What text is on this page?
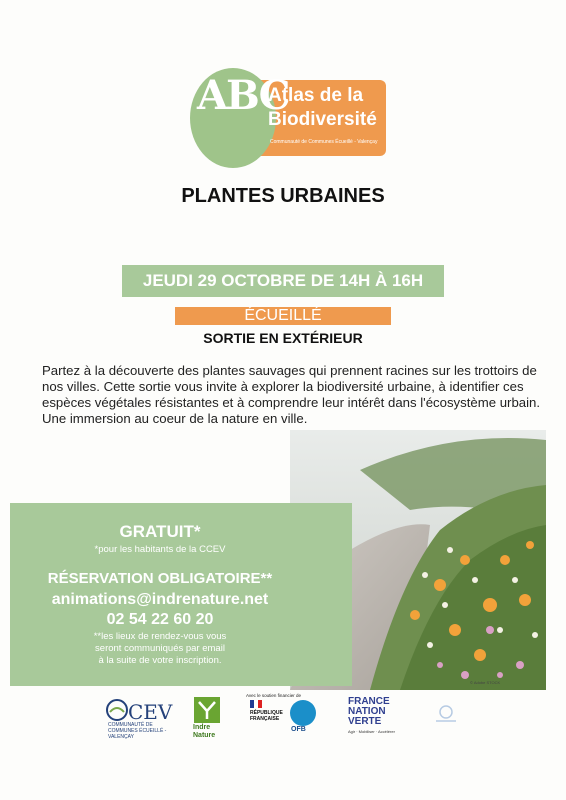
ABC
Atlas de la
Biodiversité
Communauté de Communes Écueillé - Valençay
PLANTES URBAINES
JEUDI 29 OCTOBRE DE 14H À 16H
ÉCUEILLÉ
SORTIE EN EXTÉRIEUR
Partez à la découverte des plantes sauvages qui prennent racines sur les trottoirs de nos villes. Cette sortie vous invite à explorer la biodiversité urbaine, à identifier ces espèces végétales résistantes et à comprendre leur intérêt dans l'écosystème urbain.
Une immersion au coeur de la nature en ville.
GRATUIT*
*pour les habitants de la CCEV
RÉSERVATION OBLIGATOIRE**
animations@indrenature.net
02 54 22 60 20
**les lieux de rendez-vous vous
seront communiqués par email
à la suite de votre inscription.
© Adobe STOCK
CEV
COMMUNAUTÉ DE COMMUNES ÉCUEILLÉ - VALENÇAY
Indre
Nature
Avec le soutien financier de
RÉPUBLIQUE
FRANÇAISE
OFB
FRANCE
NATION
VERTE
Agir · Mobiliser · Accélérer
